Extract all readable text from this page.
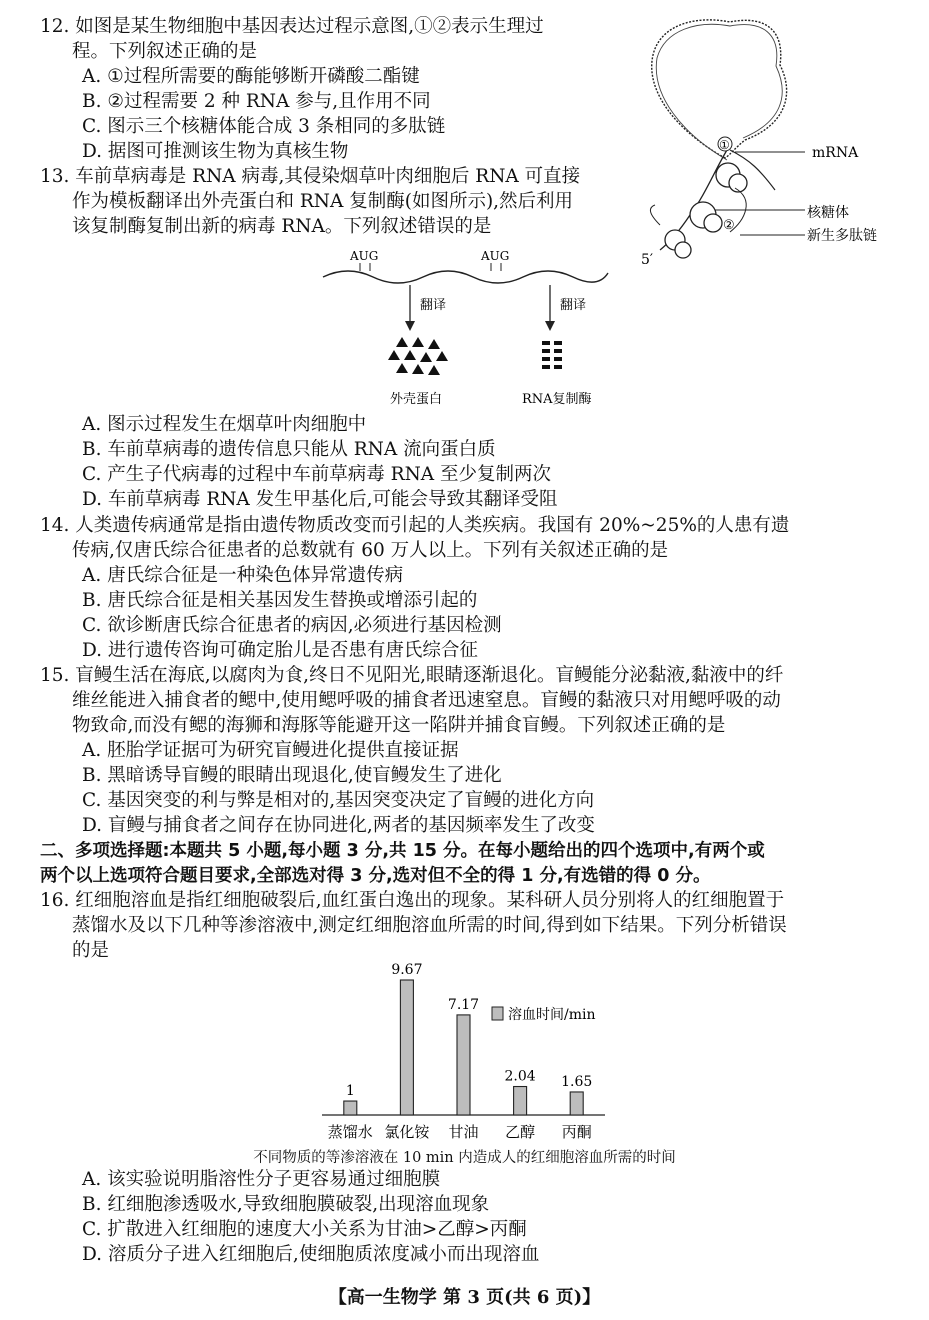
12. 如图是某生物细胞中基因表达过程示意图,①②表示生理过
程。下列叙述正确的是
A. ①过程所需要的酶能够断开磷酸二酯键
B. ②过程需要 2 种 RNA 参与,且作用不同
C. 图示三个核糖体能合成 3 条相同的多肽链
D. 据图可推测该生物为真核生物	①
②
mRNA
核糖体
新生多肽链
5′
13. 车前草病毒是 RNA 病毒,其侵染烟草叶肉细胞后 RNA 可直接
作为模板翻译出外壳蛋白和 RNA 复制酶(如图所示),然后利用
该复制酶复制出新的病毒 RNA。下列叙述错误的是
AUG	AUG
翻译	翻译
外壳蛋白	RNA复制酶
A. 图示过程发生在烟草叶肉细胞中
B. 车前草病毒的遗传信息只能从 RNA 流向蛋白质
C. 产生子代病毒的过程中车前草病毒 RNA 至少复制两次
D. 车前草病毒 RNA 发生甲基化后,可能会导致其翻译受阻
14. 人类遗传病通常是指由遗传物质改变而引起的人类疾病。我国有 20%~25%的人患有遗
传病,仅唐氏综合征患者的总数就有 60 万人以上。下列有关叙述正确的是
A. 唐氏综合征是一种染色体异常遗传病
B. 唐氏综合征是相关基因发生替换或增添引起的
C. 欲诊断唐氏综合征患者的病因,必须进行基因检测
D. 进行遗传咨询可确定胎儿是否患有唐氏综合征
15. 盲鳗生活在海底,以腐肉为食,终日不见阳光,眼睛逐渐退化。盲鳗能分泌黏液,黏液中的纤
维丝能进入捕食者的鳃中,使用鳃呼吸的捕食者迅速窒息。盲鳗的黏液只对用鳃呼吸的动
物致命,而没有鳃的海狮和海豚等能避开这一陷阱并捕食盲鳗。下列叙述正确的是
A. 胚胎学证据可为研究盲鳗进化提供直接证据
B. 黑暗诱导盲鳗的眼睛出现退化,使盲鳗发生了进化
C. 基因突变的利与弊是相对的,基因突变决定了盲鳗的进化方向
D. 盲鳗与捕食者之间存在协同进化,两者的基因频率发生了改变
二、多项选择题:本题共 5 小题,每小题 3 分,共 15 分。在每小题给出的四个选项中,有两个或
两个以上选项符合题目要求,全部选对得 3 分,选对但不全的得 1 分,有选错的得 0 分。
16. 红细胞溶血是指红细胞破裂后,血红蛋白逸出的现象。某科研人员分别将人的红细胞置于
蒸馏水及以下几种等渗溶液中,测定红细胞溶血所需的时间,得到如下结果。下列分析错误
的是
1
蒸馏水
9.67
氯化铵
7.17
甘油
2.04
乙醇
1.65
丙酮
溶血时间/min
不同物质的等渗溶液在 10 min 内造成人的红细胞溶血所需的时间
A. 该实验说明脂溶性分子更容易通过细胞膜
B. 红细胞渗透吸水,导致细胞膜破裂,出现溶血现象
C. 扩散进入红细胞的速度大小关系为甘油>乙醇>丙酮
D. 溶质分子进入红细胞后,使细胞质浓度减小而出现溶血
【高一生物学 第 3 页(共 6 页)】
